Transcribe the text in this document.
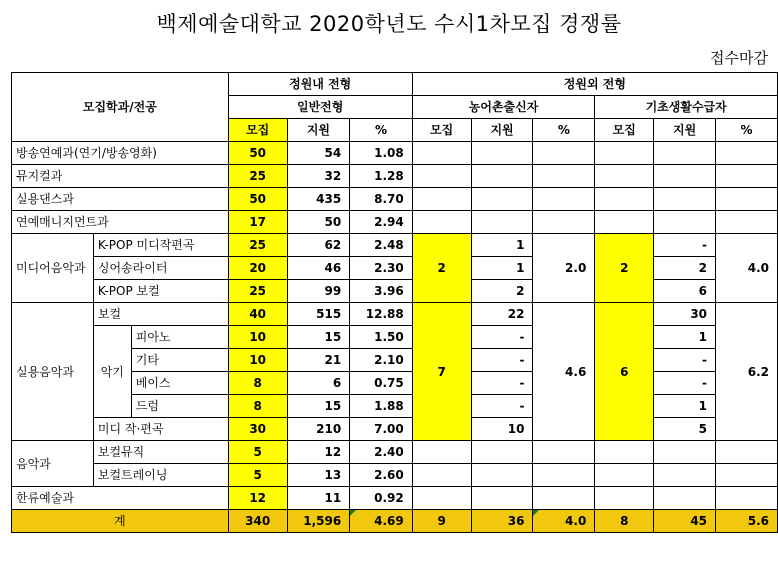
백제예술대학교 2020학년도 수시1차모집 경쟁률
접수마감
모집학과/전공			정원내 전형			정원외 전형					
			일반전형			농어촌출신자			기초생활수급자		
			모집	지원	%	모집	지원	%	모집	지원	%
방송연예과(연기/방송영화)			50	54	1.08						
뮤지컬과			25	32	1.28						
실용댄스과			50	435	8.70						
연예매니지먼트과			17	50	2.94						
미디어음악과	K-POP 미디작편곡		25	62	2.48	2	1	2.0	2	-	4.0
	싱어송라이터		20	46	2.30		1			2	
	K-POP 보컬		25	99	3.96		2			6	
실용음악과	보컬		40	515	12.88	7	22	4.6	6	30	6.2
	악기	피아노	10	15	1.50		-			1	
		기타	10	21	2.10		-			-	
		베이스	8	6	0.75		-			-	
		드럼	8	15	1.88		-			1	
	미디 작·편곡		30	210	7.00		10			5	
음악과	보컬뮤직		5	12	2.40						
	보컬트레이닝		5	13	2.60						
한류예술과			12	11	0.92						
계			340	1,596	4.69	9	36	4.0	8	45	5.6
